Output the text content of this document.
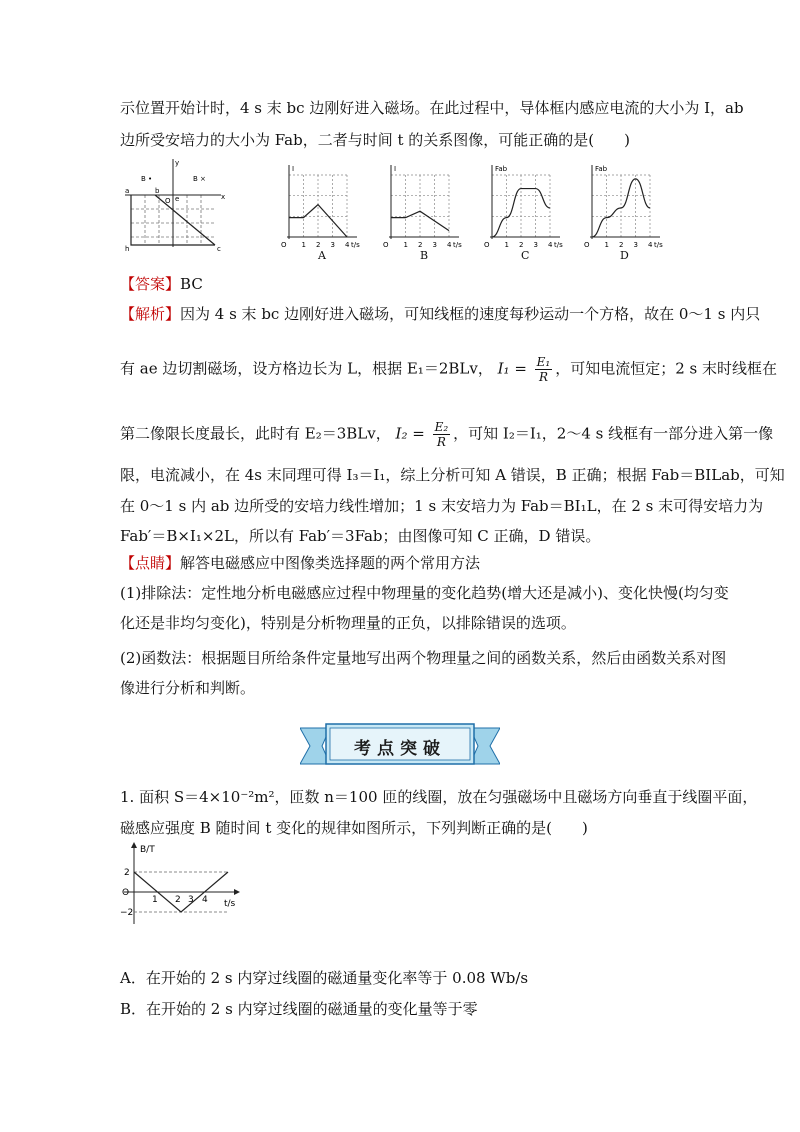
示位置开始计时，4 s 末 bc 边刚好进入磁场。在此过程中，导体框内感应电流的大小为 I，ab
边所受安培力的大小为 Fab，二者与时间 t 的关系图像，可能正确的是(　　)
x
y
B •	B ×
a	b
e
O
h	c
I
t/s
O 1 2 3 4
I
t/s
O 1 2 3 4
Fab
t/s
O 1 2 3 4
Fab
t/s
O 1 2 3 4
A	B	C	D
【答案】BC
【解析】因为 4 s 末 bc 边刚好进入磁场，可知线框的速度每秒运动一个方格，故在 0～1 s 内只
有 ae 边切割磁场，设方格边长为 L，根据 E₁＝2BLv， $I_1 = \frac{\text{E₁}}{R}$ ，可知电流恒定；2 s 末时线框在
第二像限长度最长，此时有 E₂＝3BLv， $I_2 = \frac{\text{E₂}}{R}$ ，可知 I₂＝I₁，2～4 s 线框有一部分进入第一像
限，电流减小，在 4s 末同理可得 I₃＝I₁，综上分析可知 A 错误，B 正确；根据 Fab＝BILab，可知
在 0～1 s 内 ab 边所受的安培力线性增加；1 s 末安培力为 Fab＝BI₁L，在 2 s 末可得安培力为
Fab′＝B×I₁×2L，所以有 Fab′＝3Fab；由图像可知 C 正确，D 错误。
【点睛】解答电磁感应中图像类选择题的两个常用方法
(1)排除法：定性地分析电磁感应过程中物理量的变化趋势(增大还是减小)、变化快慢(均匀变
化还是非均匀变化)，特别是分析物理量的正负，以排除错误的选项。
(2)函数法：根据题目所给条件定量地写出两个物理量之间的函数关系，然后由函数关系对图
像进行分析和判断。
考点突破
1. 面积 S＝4×10⁻²m²，匝数 n＝100 匝的线圈，放在匀强磁场中且磁场方向垂直于线圈平面，
磁感应强度 B 随时间 t 变化的规律如图所示，下列判断正确的是(　　)
B/T
t/s
2
O
−2
1 2 3 4
A．在开始的 2 s 内穿过线圈的磁通量变化率等于 0.08 Wb/s
B．在开始的 2 s 内穿过线圈的磁通量的变化量等于零
